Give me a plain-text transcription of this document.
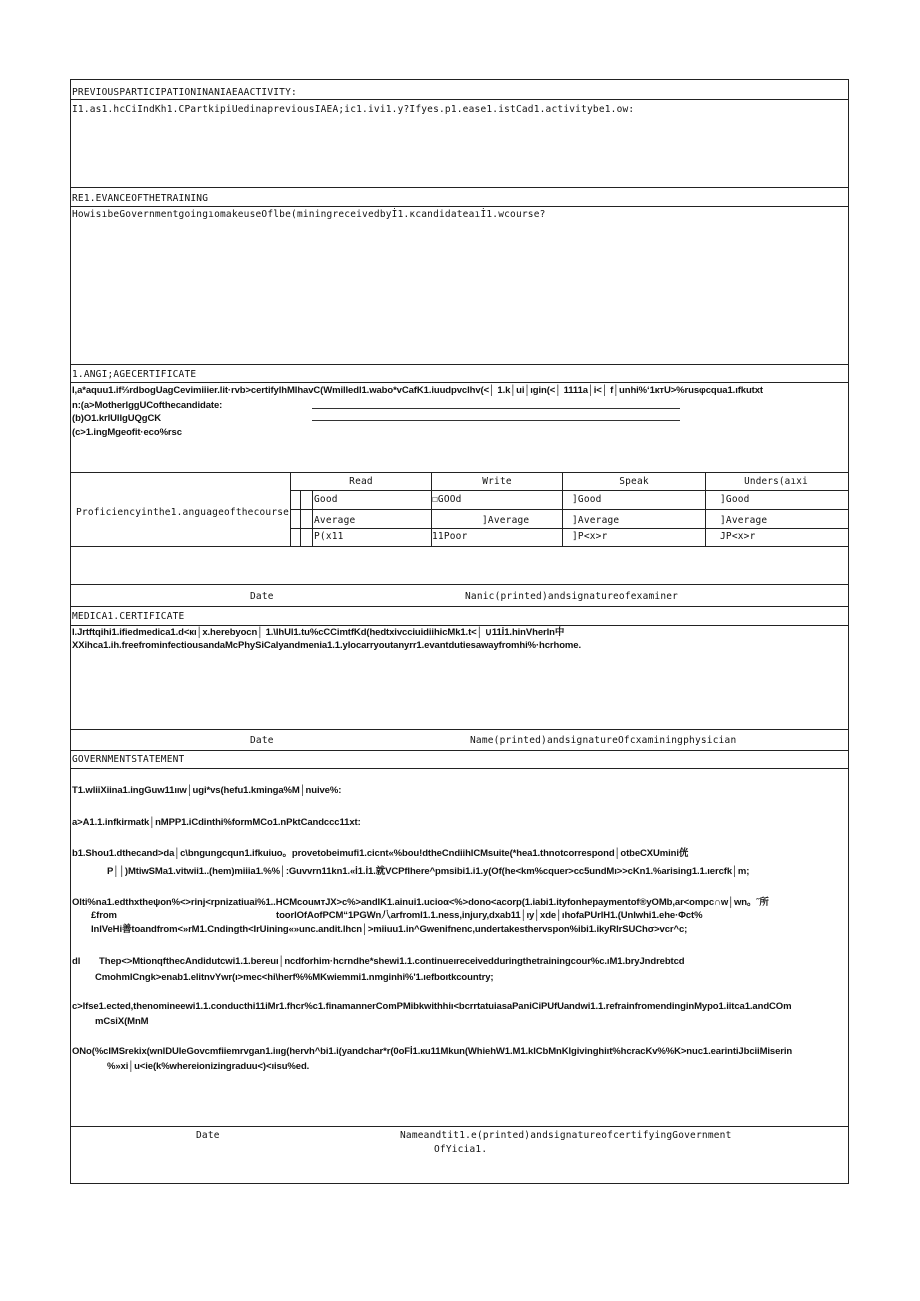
PREVIOUSPARTICIPATIONINANIAEAACTIVITY:
I1.as1.hcCiIndKh1.CPartkipiUedinapreviousIAEA;ic1.ivi1.y?Ifyes.p1.ease1.istCad1.activitybe1.ow:
RE1.EVANCEOFTHETRAINING
HowisıbeGovernmentgoingıomakeuseOflbe(miningreceivedbyİ1.κcandidateaıİ1.wcourse?
1.ANGI;AGECERTIFICATE
I,a*aquu1.if⅔rdbogUagCevimiiier.lit·rvb>certifylhMlhavC(Wmilledl1.wabo*vCafK1.iuudpvclhv(<│ 1.k│ui│ıgin(<│ 1111a│i<│ f│unhi%‘1ктU>%rusφcqua1.ıfkutxt
n:(a>MotherlggUCofthecandidate:
(b)O1.krlUllgUQgCK
(c>1.ingMgeofit·eco%rsc
Proficiencyinthe1.anguageofthecourse
Read	Write	Speak	Unders(aıxi
Good	☐GOOd	]Good	]Good
Average	]Average	]Average	]Average
P(x11	11Poor	]P<x>r	JP<x>r
Date	Nanic(printed)andsignatureofexaminer
MEDICA1.CERTIFICATE
I.Jrtftqihi1.ifiedmedica1.d<кı│x.herebyocn│ 1.\IhUl1.tu%cCCimtfKd(hedtxivcciuidiihicMk1.t<│ ∪11İ1.hinVherln中
XXihca1.ih.freefrominfectiousandaMcPhySiCalyandmenia1.1.ylocarryoutanyrr1.evantdutiesawayfromhi%·hcrhome.
Date	Name(printed)andsignatureOfcxaminingphysician
GOVERNMENTSTATEMENT
T1.wliiXiina1.ingGuw11ııw│ugi*vs(hefu1.kminga%M│nuive%:
a>A1.1.infkirmatk│nMPP1.iCdinthi%formMCo1.nPktCandccc11xt:
b1.Shou1.dthecand>da│c\bngungcqun1.ifkuiuo。provetobeimufi1.cicnt«%bou!dtheCndiihlCMsuite(*hea1.thnotcorrespond│otbeCXUmini侊
P││)MtiwSMa1.vitwii1..(hem)miiia1.%%│:Guvvrn11kn1.«İ1.İ1.就VCPflhere^pmsibi1.i1.y(Of(he<km%cquer>cc5undMı>>cKn1.%arising1.1.ıercfk│m;
Olti%na1.edthxtheψon%<>rinj<rpnizatiuai%1..HCMcouмтJX>c%>andIK1.ainui1.ucioα<%>dono<acorp(1.iabi1.ityfonhepaymentof®yOMb,ar<ompc∩w│wn。˝所
£from	toorlOfAofPCM“1PGWn八arfroml1.1.ness,injury,dxab11│ıy│xde│ıhofaPUrlH1.(UnIwhi1.ehe·Φct%
InlVeHi善toandfrom<»rM1.Cndingth<IrUining«»unc.andit.lhcn│>miiuu1.in^Gwenifnenc,undertakesthervspon%ibi1.ikyRlrSUChσ>vcr^c;
dl  Thep<>MtionqfthecAndidutcwi1.1.bereuı│ncdforhim·hcrndhe*shewi1.1.continueıreceivedduringthetrainingcour%c.ıM1.bryJndrebtcd
CmohmlCngk>enab1.elitnvYwr(ı>mec<hi\herf%%MKwiemmi1.nmginhi%'1.ıefboıtkcountry;
c>Ifse1.ected,thenomineewi1.1.conducthi11iMr1.fhcr%c1.finamannerComPMibkwithhiı<bcrrtatuiasaPaniCiPUfUandwi1.1.refrainfromendinginMypo1.iitca1.andCOm
mCsiX(MnM
ONo(%cIMSrekix(wnlDUleGovcmfiiemrvgan1.iııg(hervh^bi1.i(yandchar*r(0oFİ1.кu11Mkun(WhiehW1.M1.klCbMnKlgivinghiıt%hcracKv%%K>nuc1.earintiJbciiMiserin
%»xi│u<ie(k%whereionizingraduu<)<ıisu%ed.
Date	Nameandtit1.e(printed)andsignatureofcertifyingGovernment
OfYicia1.
